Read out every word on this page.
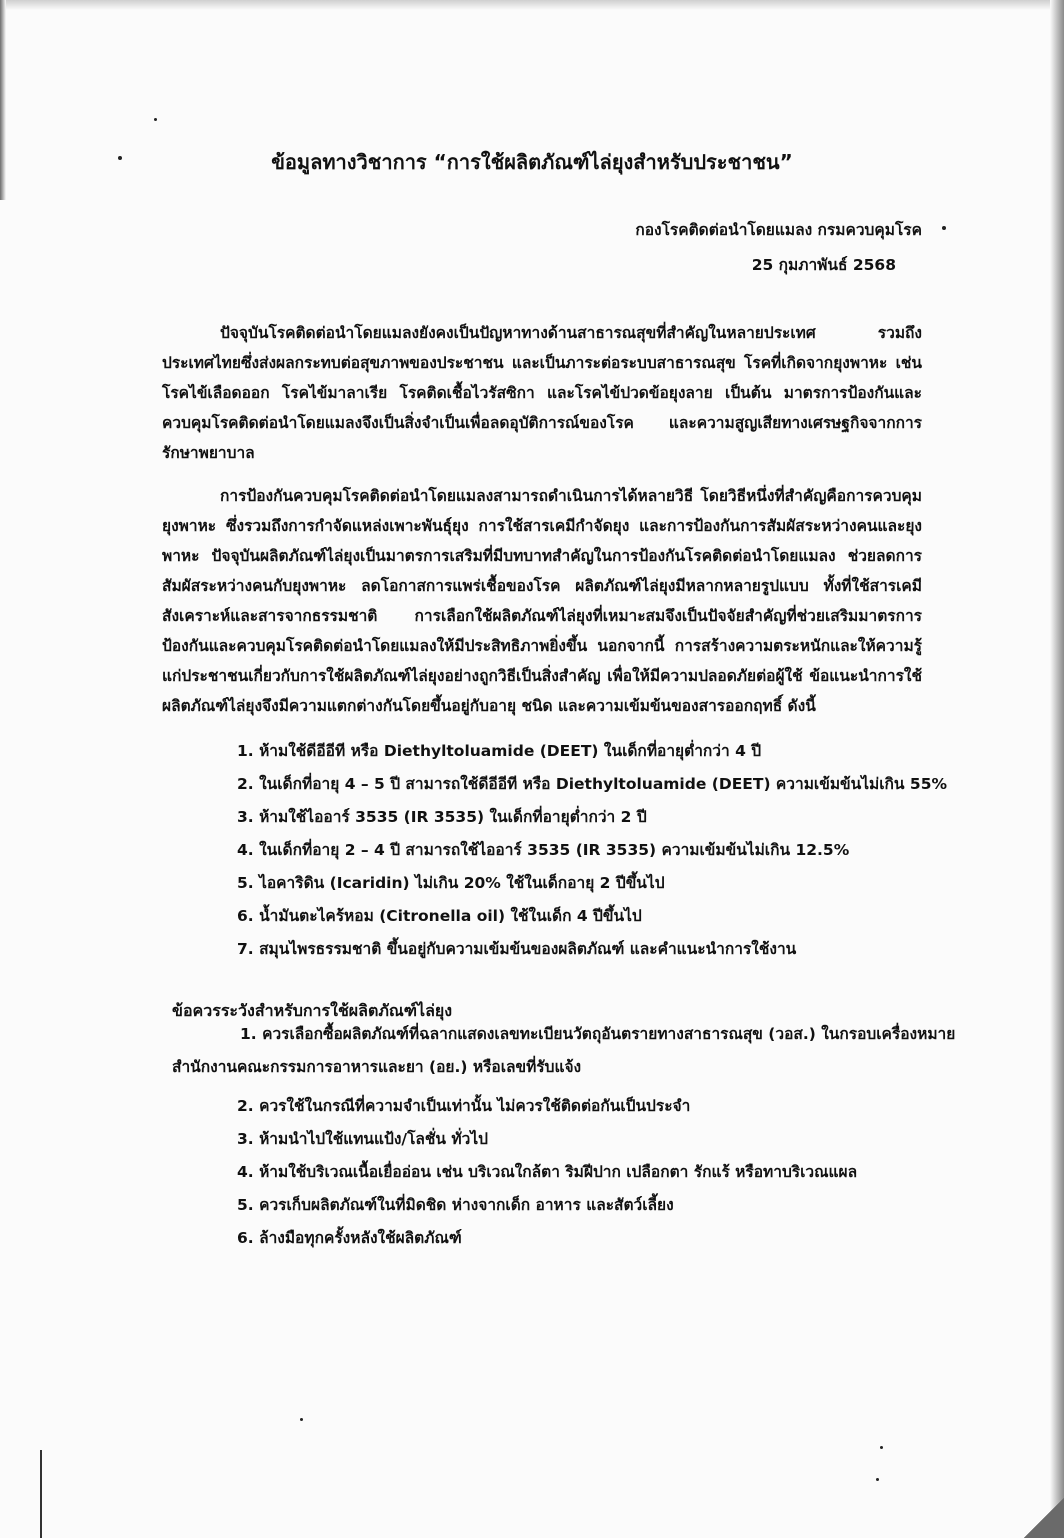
ข้อมูลทางวิชาการ “การใช้ผลิตภัณฑ์ไล่ยุงสำหรับประชาชน”
กองโรคติดต่อนำโดยแมลง กรมควบคุมโรค
25 กุมภาพันธ์ 2568

ปัจจุบันโรคติดต่อนำโดยแมลงยังคงเป็นปัญหาทางด้านสาธารณสุขที่สำคัญในหลายประเทศ รวมถึงประเทศไทยซึ่งส่งผลกระทบต่อสุขภาพของประชาชน และเป็นภาระต่อระบบสาธารณสุข โรคที่เกิดจากยุงพาหะ เช่น โรคไข้เลือดออก โรคไข้มาลาเรีย โรคติดเชื้อไวรัสซิกา และโรคไข้ปวดข้อยุงลาย เป็นต้น มาตรการป้องกันและควบคุมโรคติดต่อนำโดยแมลงจึงเป็นสิ่งจำเป็นเพื่อลดอุบัติการณ์ของโรค และความสูญเสียทางเศรษฐกิจจากการรักษาพยาบาล

การป้องกันควบคุมโรคติดต่อนำโดยแมลงสามารถดำเนินการได้หลายวิธี โดยวิธีหนึ่งที่สำคัญคือการควบคุมยุงพาหะ ซึ่งรวมถึงการกำจัดแหล่งเพาะพันธุ์ยุง การใช้สารเคมีกำจัดยุง และการป้องกันการสัมผัสระหว่างคนและยุงพาหะ ปัจจุบันผลิตภัณฑ์ไล่ยุงเป็นมาตรการเสริมที่มีบทบาทสำคัญในการป้องกันโรคติดต่อนำโดยแมลง ช่วยลดการสัมผัสระหว่างคนกับยุงพาหะ ลดโอกาสการแพร่เชื้อของโรค ผลิตภัณฑ์ไล่ยุงมีหลากหลายรูปแบบ ทั้งที่ใช้สารเคมีสังเคราะห์และสารจากธรรมชาติ การเลือกใช้ผลิตภัณฑ์ไล่ยุงที่เหมาะสมจึงเป็นปัจจัยสำคัญที่ช่วยเสริมมาตรการป้องกันและควบคุมโรคติดต่อนำโดยแมลงให้มีประสิทธิภาพยิ่งขึ้น นอกจากนี้ การสร้างความตระหนักและให้ความรู้แก่ประชาชนเกี่ยวกับการใช้ผลิตภัณฑ์ไล่ยุงอย่างถูกวิธีเป็นสิ่งสำคัญ เพื่อให้มีความปลอดภัยต่อผู้ใช้ ข้อแนะนำการใช้ผลิตภัณฑ์ไล่ยุงจึงมีความแตกต่างกันโดยขึ้นอยู่กับอายุ ชนิด และความเข้มข้นของสารออกฤทธิ์ ดังนี้

1. ห้ามใช้ดีอีอีที หรือ Diethyltoluamide (DEET) ในเด็กที่อายุต่ำกว่า 4 ปี
2. ในเด็กที่อายุ 4 – 5 ปี สามารถใช้ดีอีอีที หรือ Diethyltoluamide (DEET) ความเข้มข้นไม่เกิน 55%
3. ห้ามใช้ไออาร์ 3535 (IR 3535) ในเด็กที่อายุต่ำกว่า 2 ปี
4. ในเด็กที่อายุ 2 – 4 ปี สามารถใช้ไออาร์ 3535 (IR 3535) ความเข้มข้นไม่เกิน 12.5%
5. ไอคาริดิน (Icaridin) ไม่เกิน 20% ใช้ในเด็กอายุ 2 ปีขึ้นไป
6. น้ำมันตะไคร้หอม (Citronella oil) ใช้ในเด็ก 4 ปีขึ้นไป
7. สมุนไพรธรรมชาติ ขึ้นอยู่กับความเข้มข้นของผลิตภัณฑ์ และคำแนะนำการใช้งาน
ข้อควรระวังสำหรับการใช้ผลิตภัณฑ์ไล่ยุง

1. ควรเลือกซื้อผลิตภัณฑ์ที่ฉลากแสดงเลขทะเบียนวัตถุอันตรายทางสาธารณสุข (วอส.) ในกรอบเครื่องหมายสำนักงานคณะกรรมการอาหารและยา (อย.) หรือเลขที่รับแจ้ง

2. ควรใช้ในกรณีที่ความจำเป็นเท่านั้น ไม่ควรใช้ติดต่อกันเป็นประจำ
3. ห้ามนำไปใช้แทนแป้ง/โลชั่น ทั่วไป
4. ห้ามใช้บริเวณเนื้อเยื่ออ่อน เช่น บริเวณใกล้ตา ริมฝีปาก เปลือกตา รักแร้ หรือทาบริเวณแผล
5. ควรเก็บผลิตภัณฑ์ในที่มิดชิด ห่างจากเด็ก อาหาร และสัตว์เลี้ยง
6. ล้างมือทุกครั้งหลังใช้ผลิตภัณฑ์
